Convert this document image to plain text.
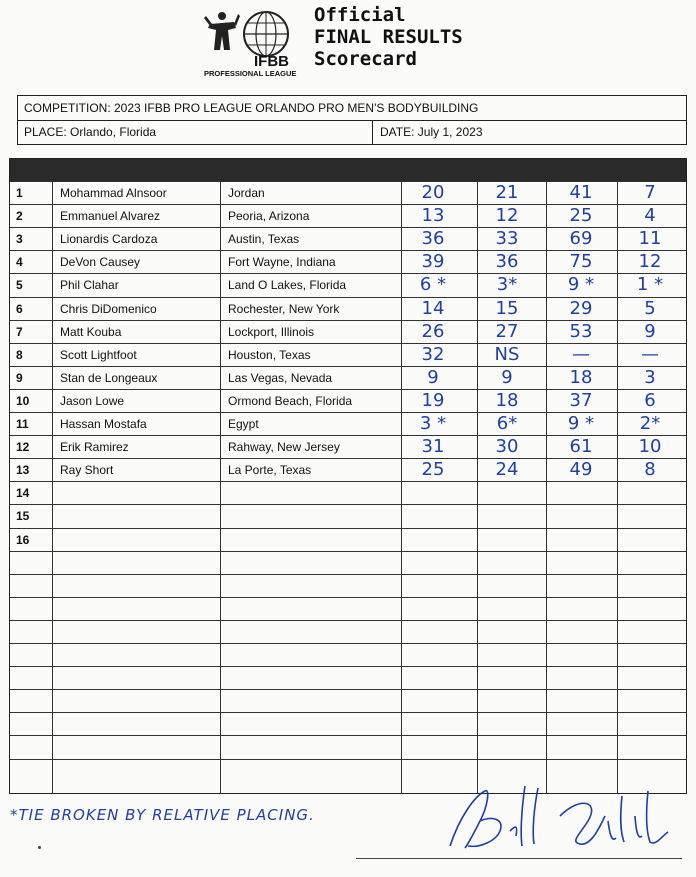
IFBB
PROFESSIONAL LEAGUE
Official
FINAL RESULTS
Scorecard
COMPETITION: 2023 IFBB PRO LEAGUE ORLANDO PRO MEN'S BODYBUILDING
PLACE: Orlando, Florida	DATE: July 1, 2023
1	Mohammad Alnsoor	Jordan	20	21	41	7
2	Emmanuel Alvarez	Peoria, Arizona	13	12	25	4
3	Lionardis Cardoza	Austin, Texas	36	33	69	11
4	DeVon Causey	Fort Wayne, Indiana	39	36	75	12
5	Phil Clahar	Land O Lakes, Florida	6 *	3*	9 *	1 *
6	Chris DiDomenico	Rochester, New York	14	15	29	5
7	Matt Kouba	Lockport, Illinois	26	27	53	9
8	Scott Lightfoot	Houston, Texas	32	NS	—	—
9	Stan de Longeaux	Las Vegas, Nevada	9	9	18	3
10	Jason Lowe	Ormond Beach, Florida	19	18	37	6
11	Hassan Mostafa	Egypt	3 *	6*	9 *	2*
12	Erik Ramirez	Rahway, New Jersey	31	30	61	10
13	Ray Short	La Porte, Texas	25	24	49	8
14
15
16
*TIE BROKEN BY RELATIVE PLACING.
